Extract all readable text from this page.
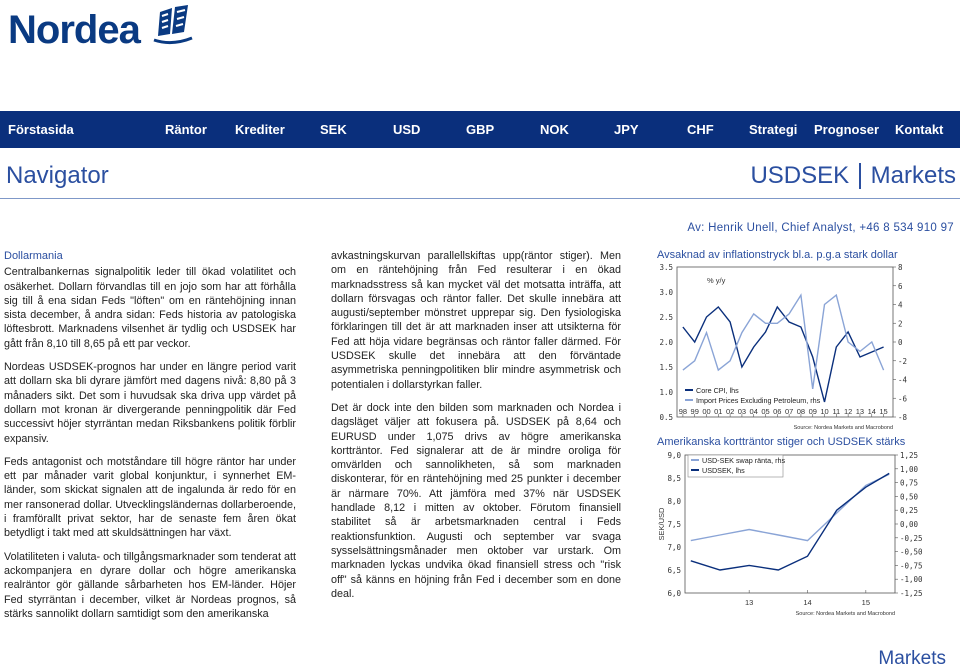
Nordea
Förstasida	Räntor Krediter	SEK	USD	GBP	NOK	JPY	CHF	Strategi Prognoser Kontakt
Navigator	USDSEK Markets
Av: Henrik Unell, Chief Analyst, +46 8 534 910 97
Dollarmania

Centralbankernas signalpolitik leder till ökad volatilitet och osäkerhet. Dollarn förvandlas till en jojo som har att förhålla sig till å ena sidan Feds "löften" om en räntehöjning innan sista december, å andra sidan: Feds historia av patologiska löftesbrott. Marknadens vilsenhet är tydlig och USDSEK har gått från 8,10 till 8,65 på ett par veckor.

Nordeas USDSEK-prognos har under en längre period varit att dollarn ska bli dyrare jämfört med dagens nivå: 8,80 på 3 månaders sikt. Det som i huvudsak ska driva upp värdet på dollarn mot kronan är divergerande penningpolitik där Fed successivt höjer styrräntan medan Riksbankens politik förblir expansiv.

Feds antagonist och motståndare till högre räntor har under ett par månader varit global konjunktur, i synnerhet EM-länder, som skickat signalen att de ingalunda är redo för en mer ransonerad dollar. Utvecklingsländernas dollarberoende, i framförallt privat sektor, har de senaste fem åren ökat betydligt i takt med att skuldsättningen har växt.

Volatiliteten i valuta- och tillgångsmarknader som tenderat att ackompanjera en dyrare dollar och högre amerikanska realräntor gör gällande sårbarheten hos EM-länder. Höjer Fed styrräntan i december, vilket är Nordeas prognos, så stärks sannolikt dollarn samtidigt som den amerikanska

avkastningskurvan parallellskiftas upp(räntor stiger). Men om en räntehöjning från Fed resulterar i en ökad marknadsstress så kan mycket väl det motsatta inträffa, att dollarn försvagas och räntor faller. Det skulle innebära att augusti/september mönstret upprepar sig. Den fysiologiska förklaringen till det är att marknaden inser att utsikterna för Fed att höja vidare begränsas och räntor faller därmed. För USDSEK skulle det innebära att den förväntade asymmetriska penningpolitiken blir mindre asymmetrisk och potentialen i dollarstyrkan faller.

Det är dock inte den bilden som marknaden och Nordea i dagsläget väljer att fokusera på. USDSEK på 8,64 och EURUSD under 1,075 drivs av högre amerikanska kortträntor. Fed signalerar att de är mindre oroliga för omvärlden och sannolikheten, så som marknaden diskonterar, för en räntehöjning med 25 punkter i december är närmare 70%. Att jämföra med 37% när USDSEK handlade 8,12 i mitten av oktober. Förutom finansiell stabilitet så är arbetsmarknaden central i Feds reaktionsfunktion. Augusti och september var svaga sysselsättningsmånader men oktober var urstark. Om marknaden lyckas undvika ökad finansiell stress och "risk off" så känns en höjning från Fed i december som en done deal.

Avsaknad av inflationstryck bl.a. p.g.a stark dollar
3.5
3.0
2.5
2.0
1.5
1.0
0.5
8
6
4
2
0
-2
-4
-6
-8
98 99 00 01 02 03 04 05 06 07 08 09 10 11 12 13 14 15
Core CPI, lhs
Import Prices Excluding Petroleum, rhs
% y/y
Source: Nordea Markets and Macrobond
Amerikanska kortträntor stiger och USDSEK stärks
9,0
8,5
8,0
7,5
7,0
6,5
6,0
1,25
1,00
0,75
0,50
0,25
0,00
-0,25
-0,50
-0,75
-1,00
-1,25
13	14	15
USD-SEK swap ränta, rhs
USDSEK, lhs
SEK/USD
Source: Nordea Markets and Macrobond
Markets
